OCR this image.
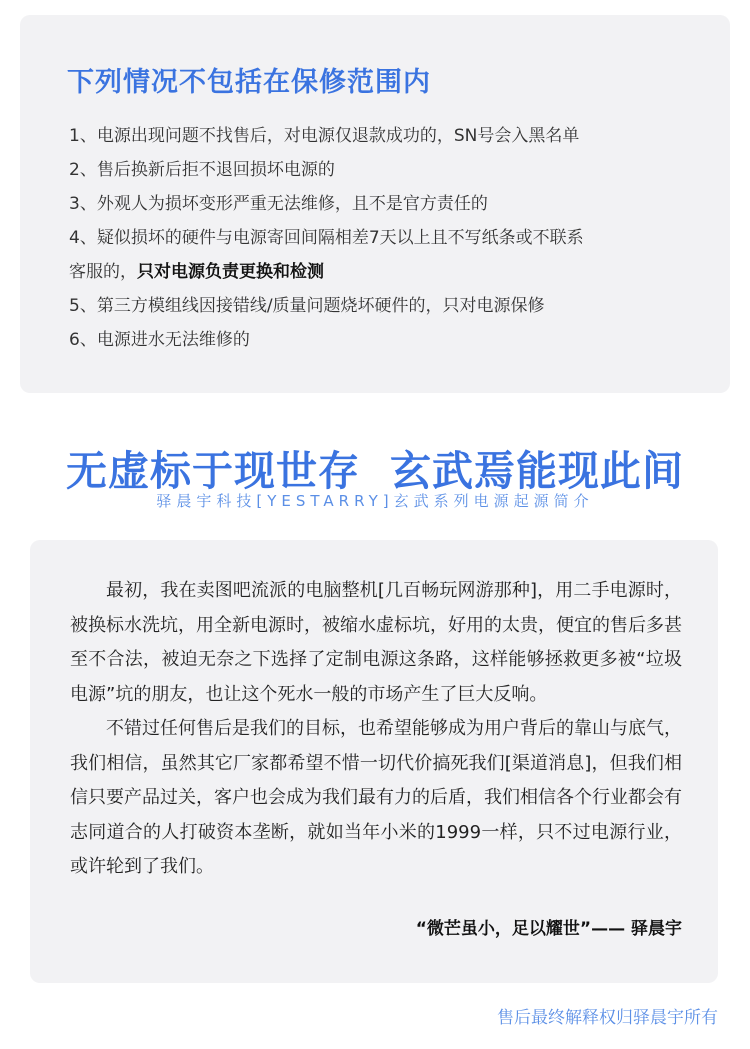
下列情况不包括在保修范围内
1、电源出现问题不找售后，对电源仅退款成功的，SN号会入黑名单
2、售后换新后拒不退回损坏电源的
3、外观人为损坏变形严重无法维修，且不是官方责任的
4、疑似损坏的硬件与电源寄回间隔相差7天以上且不写纸条或不联系
客服的，只对电源负责更换和检测
5、第三方模组线因接错线/质量问题烧坏硬件的，只对电源保修
6、电源进水无法维修的
无虚标于现世存 玄武焉能现此间
驿晨宇科技[YESTARRY]玄武系列电源起源简介

最初，我在卖图吧流派的电脑整机[几百畅玩网游那种]，用二手电源时，被换标水洗坑，用全新电源时，被缩水虚标坑，好用的太贵，便宜的售后多甚至不合法，被迫无奈之下选择了定制电源这条路，这样能够拯救更多被“垃圾电源”坑的朋友，也让这个死水一般的市场产生了巨大反响。

不错过任何售后是我们的目标，也希望能够成为用户背后的靠山与底气，我们相信，虽然其它厂家都希望不惜一切代价搞死我们[渠道消息]，但我们相信只要产品过关，客户也会成为我们最有力的后盾，我们相信各个行业都会有志同道合的人打破资本垄断，就如当年小米的1999一样，只不过电源行业，或许轮到了我们。

“微芒虽小，足以耀世”—— 驿晨宇
售后最终解释权归驿晨宇所有
